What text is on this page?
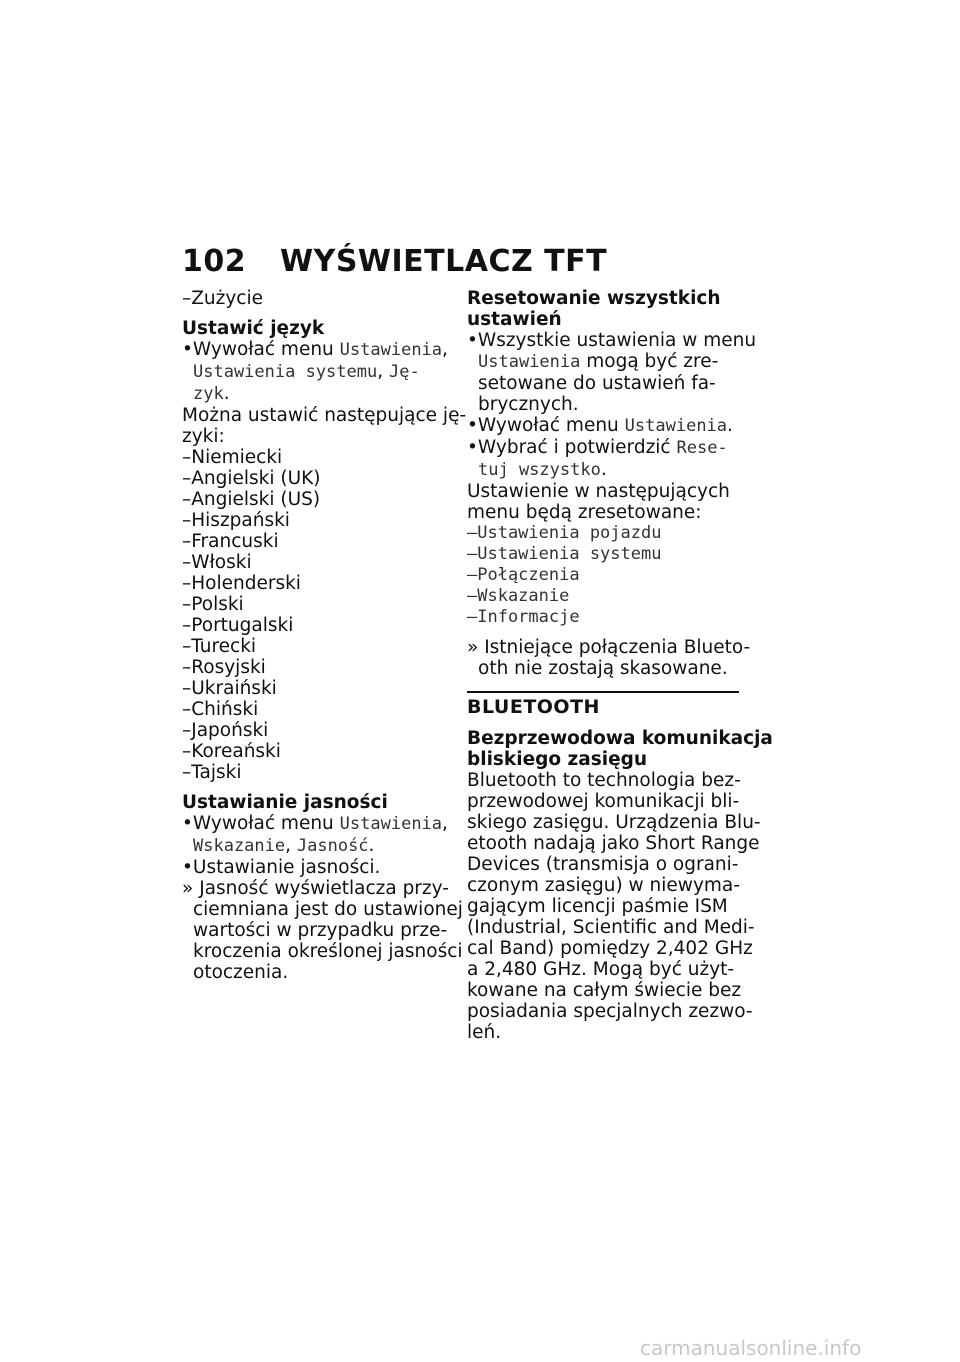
102 WYŚWIETLACZ TFT
–Zużycie
Ustawić język
•Wywołać menu Ustawienia,
Ustawienia systemu, Ję-
zyk.
Można ustawić następujące ję-
zyki:
–Niemiecki
–Angielski (UK)
–Angielski (US)
–Hiszpański
–Francuski
–Włoski
–Holenderski
–Polski
–Portugalski
–Turecki
–Rosyjski
–Ukraiński
–Chiński
–Japoński
–Koreański
–Tajski
Ustawianie jasności
•Wywołać menu Ustawienia,
Wskazanie, Jasność.
•Ustawianie jasności.
» Jasność wyświetlacza przy-
ciemniana jest do ustawionej
wartości w przypadku prze-
kroczenia określonej jasności
otoczenia.
Resetowanie wszystkich
ustawień
•Wszystkie ustawienia w menu
Ustawienia mogą być zre-
setowane do ustawień fa-
brycznych.
•Wywołać menu Ustawienia.
•Wybrać i potwierdzić Rese-
tuj wszystko.
Ustawienie w następujących
menu będą zresetowane:
–Ustawienia pojazdu
–Ustawienia systemu
–Połączenia
–Wskazanie
–Informacje
» Istniejące połączenia Blueto-
oth nie zostają skasowane.
BLUETOOTH
Bezprzewodowa komunikacja
bliskiego zasięgu
Bluetooth to technologia bez-
przewodowej komunikacji bli-
skiego zasięgu. Urządzenia Blu-
etooth nadają jako Short Range
Devices (transmisja o ograni-
czonym zasięgu) w niewyma-
gającym licencji paśmie ISM
(Industrial, Scientific and Medi-
cal Band) pomiędzy 2,402 GHz
a 2,480 GHz. Mogą być użyt-
kowane na całym świecie bez
posiadania specjalnych zezwo-
leń.
carmanualsonline.info
